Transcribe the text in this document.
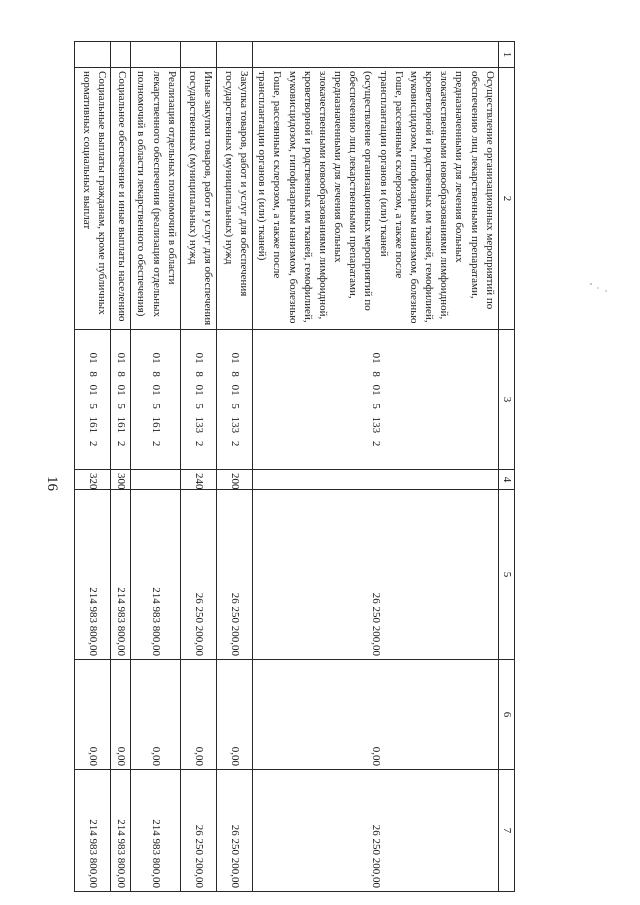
16
1	2	3	4	5	6	7
	Осуществление организационных мероприятий по обеспечению лиц лекарственными препаратами, предназначенными для лечения больных злокачественными новообразованиями лимфоидной, кроветворной и родственных им тканей, гемофилией, муковисцидозом, гипофизарным нанизмом, болезнью Гоше, рассеянным склерозом, а также после трансплантации органов и (или) тканей (осуществление организационных мероприятий по обеспечению лиц лекарственными препаратами, предназначенными для лечения больных злокачественными новообразованиями лимфоидной, кроветворной и родственных им тканей, гемофилией, муковисцидозом, гипофизарным нанизмом, болезнью Гоше, рассеянным склерозом, а также после трансплантации органов и (или) тканей)	01 8 01 5 133 2		26 250 200,00	0,00	26 250 200,00
	Закупка товаров, работ и услуг для обеспечения государственных (муниципальных) нужд	01 8 01 5 133 2	200	26 250 200,00	0,00	26 250 200,00
	Иные закупки товаров, работ и услуг для обеспечения государственных (муниципальных) нужд	01 8 01 5 133 2	240	26 250 200,00	0,00	26 250 200,00
	Реализация отдельных полномочий в области лекарственного обеспечения (реализация отдельных полномочий в области лекарственного обеспечения)	01 8 01 5 161 2		214 983 800,00	0,00	214 983 800,00
	Социальное обеспечение и иные выплаты населению	01 8 01 5 161 2	300	214 983 800,00	0,00	214 983 800,00
	Социальные выплаты гражданам, кроме публичных нормативных социальных выплат	01 8 01 5 161 2	320	214 983 800,00	0,00	214 983 800,00
